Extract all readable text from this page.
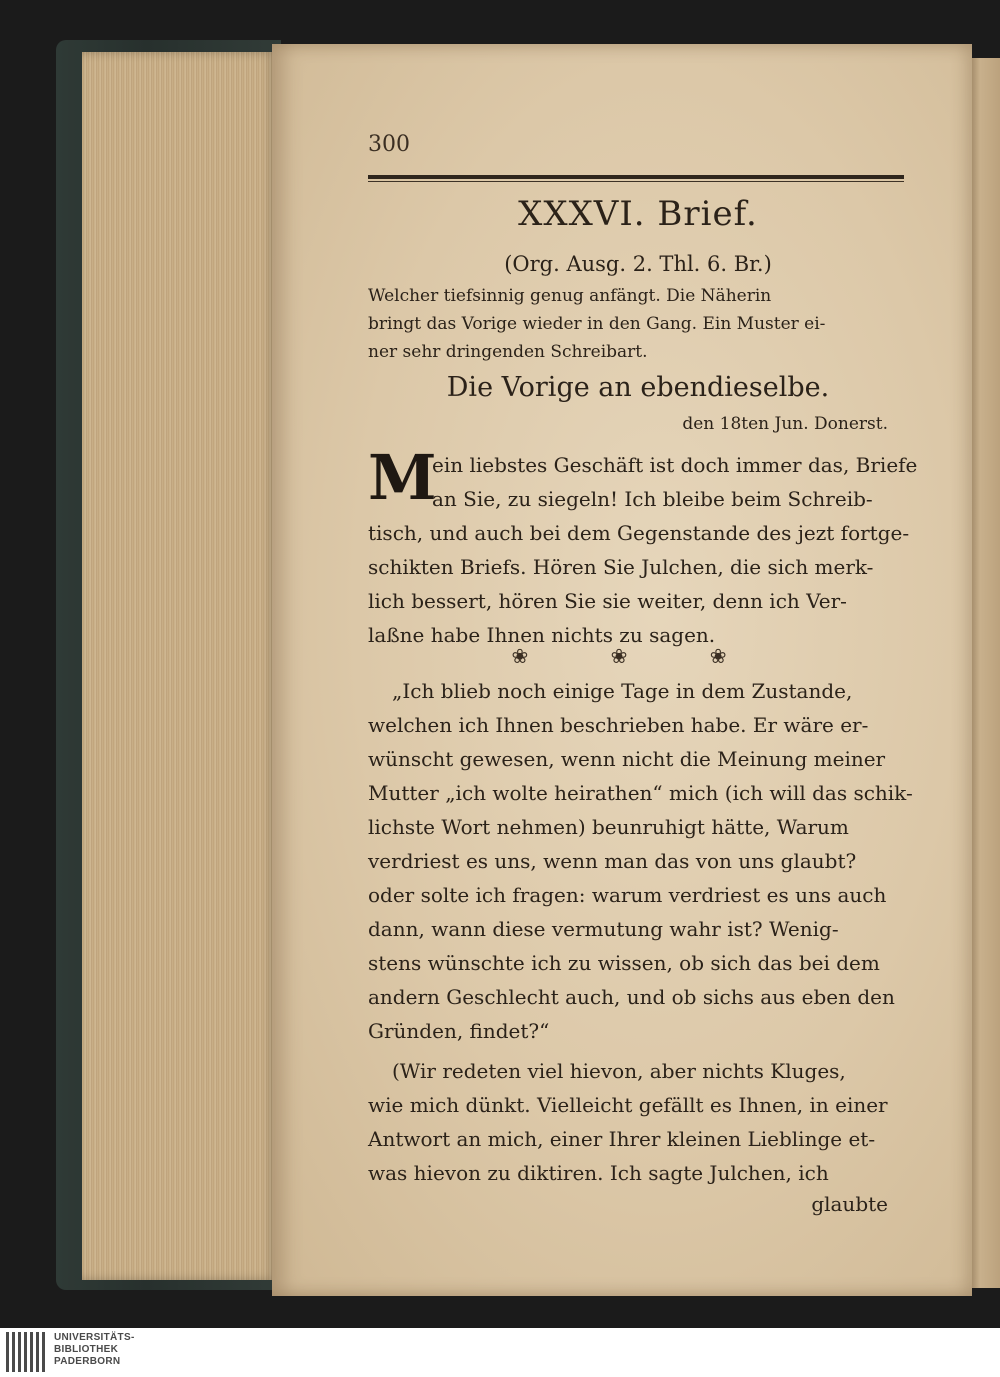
300
XXXVI. Brief.
(Org. Ausg. 2. Thl. 6. Br.)
Welcher tiefsinnig genug anfängt. Die Näherin
bringt das Vorige wieder in den Gang. Ein Muster ei-
ner sehr dringenden Schreibart.
Die Vorige an ebendieselbe.
den 18ten Jun. Donerst.
M
ein liebstes Geschäft ist doch immer das, Briefe
an Sie, zu siegeln! Ich bleibe beim Schreib-
tisch, und auch bei dem Gegenstande des jezt fortge-
schikten Briefs. Hören Sie Julchen, die sich merk-
lich bessert, hören Sie sie weiter, denn ich Ver-
laßne habe Ihnen nichts zu sagen.
❀ ❀ ❀
„Ich blieb noch einige Tage in dem Zustande,
welchen ich Ihnen beschrieben habe. Er wäre er-
wünscht gewesen, wenn nicht die Meinung meiner
Mutter „ich wolte heirathen“ mich (ich will das schik-
lichste Wort nehmen) beunruhigt hätte, Warum
verdriest es uns, wenn man das von uns glaubt?
oder solte ich fragen: warum verdriest es uns auch
dann, wann diese vermutung wahr ist? Wenig-
stens wünschte ich zu wissen, ob sich das bei dem
andern Geschlecht auch, und ob sichs aus eben den
Gründen, findet?“
(Wir redeten viel hievon, aber nichts Kluges,
wie mich dünkt. Vielleicht gefällt es Ihnen, in einer
Antwort an mich, einer Ihrer kleinen Lieblinge et-
was hievon zu diktiren. Ich sagte Julchen, ich
glaubte
UNIVERSITÄTS-
BIBLIOTHEK
PADERBORN
